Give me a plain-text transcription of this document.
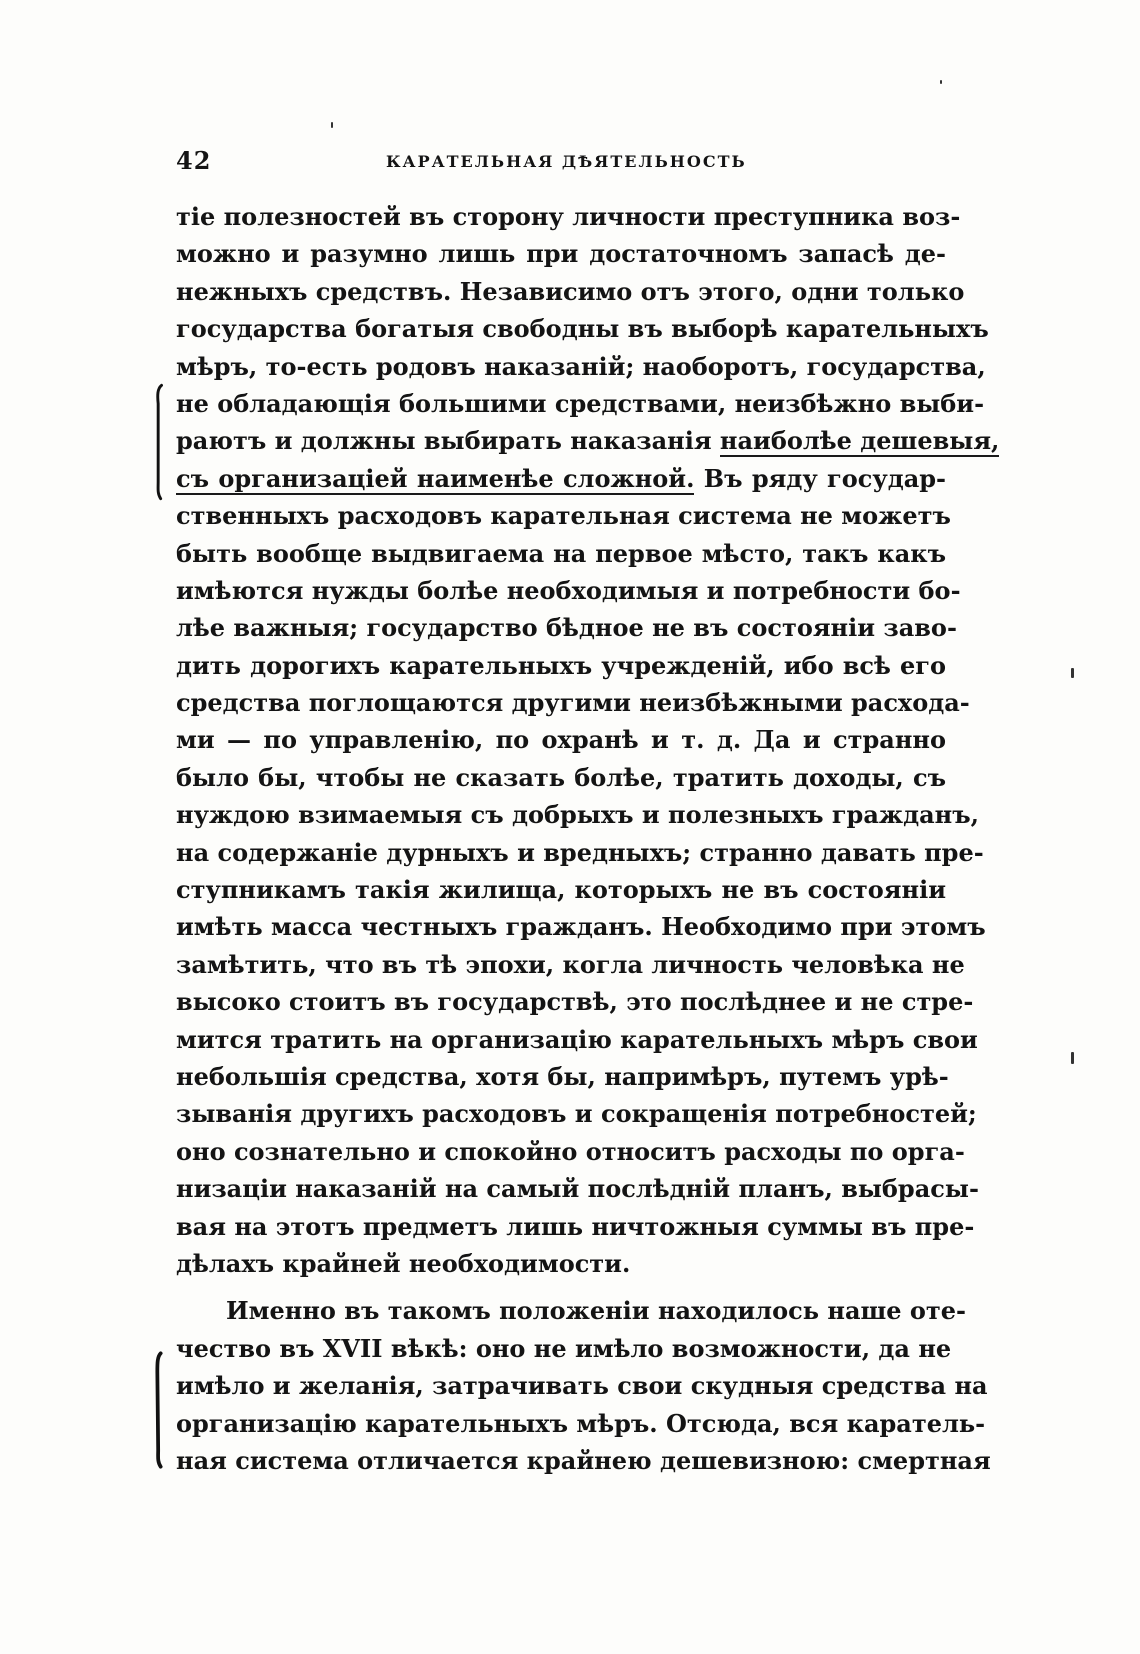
42	КАРАТЕЛЬНАЯ ДѢЯТЕЛЬНОСТЬ
тіе полезностей въ сторону личности преступника воз-
можно и разумно лишь при достаточномъ запасѣ де-
нежныхъ средствъ. Независимо отъ этого, одни только
государства богатыя свободны въ выборѣ карательныхъ
мѣръ, то-есть родовъ наказаній; наоборотъ, государства,
не обладающія большими средствами, неизбѣжно выби-
раютъ и должны выбирать наказанія наиболѣе дешевыя,
съ организаціей наименѣе сложной. Въ ряду государ-
ственныхъ расходовъ карательная система не можетъ
быть вообще выдвигаема на первое мѣсто, такъ какъ
имѣются нужды болѣе необходимыя и потребности бо-
лѣе важныя; государство бѣдное не въ состояніи заво-
дить дорогихъ карательныхъ учрежденій, ибо всѣ его
средства поглощаются другими неизбѣжными расхода-
ми — по управленію, по охранѣ и т. д. Да и странно
было бы, чтобы не сказать болѣе, тратить доходы, съ
нуждою взимаемыя съ добрыхъ и полезныхъ гражданъ,
на содержаніе дурныхъ и вредныхъ; странно давать пре-
ступникамъ такія жилища, которыхъ не въ состояніи
имѣть масса честныхъ гражданъ. Необходимо при этомъ
замѣтить, что въ тѣ эпохи, когла личность человѣка не
высоко стоитъ въ государствѣ, это послѣднее и не стре-
мится тратить на организацію карательныхъ мѣръ свои
небольшія средства, хотя бы, напримѣръ, путемъ урѣ-
зыванія другихъ расходовъ и сокращенія потребностей;
оно сознательно и спокойно относитъ расходы по орга-
низаціи наказаній на самый послѣдній планъ, выбрасы-
вая на этотъ предметъ лишь ничтожныя суммы въ пре-
дѣлахъ крайней необходимости.
Именно въ такомъ положеніи находилось наше оте-
чество въ XVII вѣкѣ: оно не имѣло возможности, да не
имѣло и желанія, затрачивать свои скудныя средства на
организацію карательныхъ мѣръ. Отсюда, вся каратель-
ная система отличается крайнею дешевизною: смертная
